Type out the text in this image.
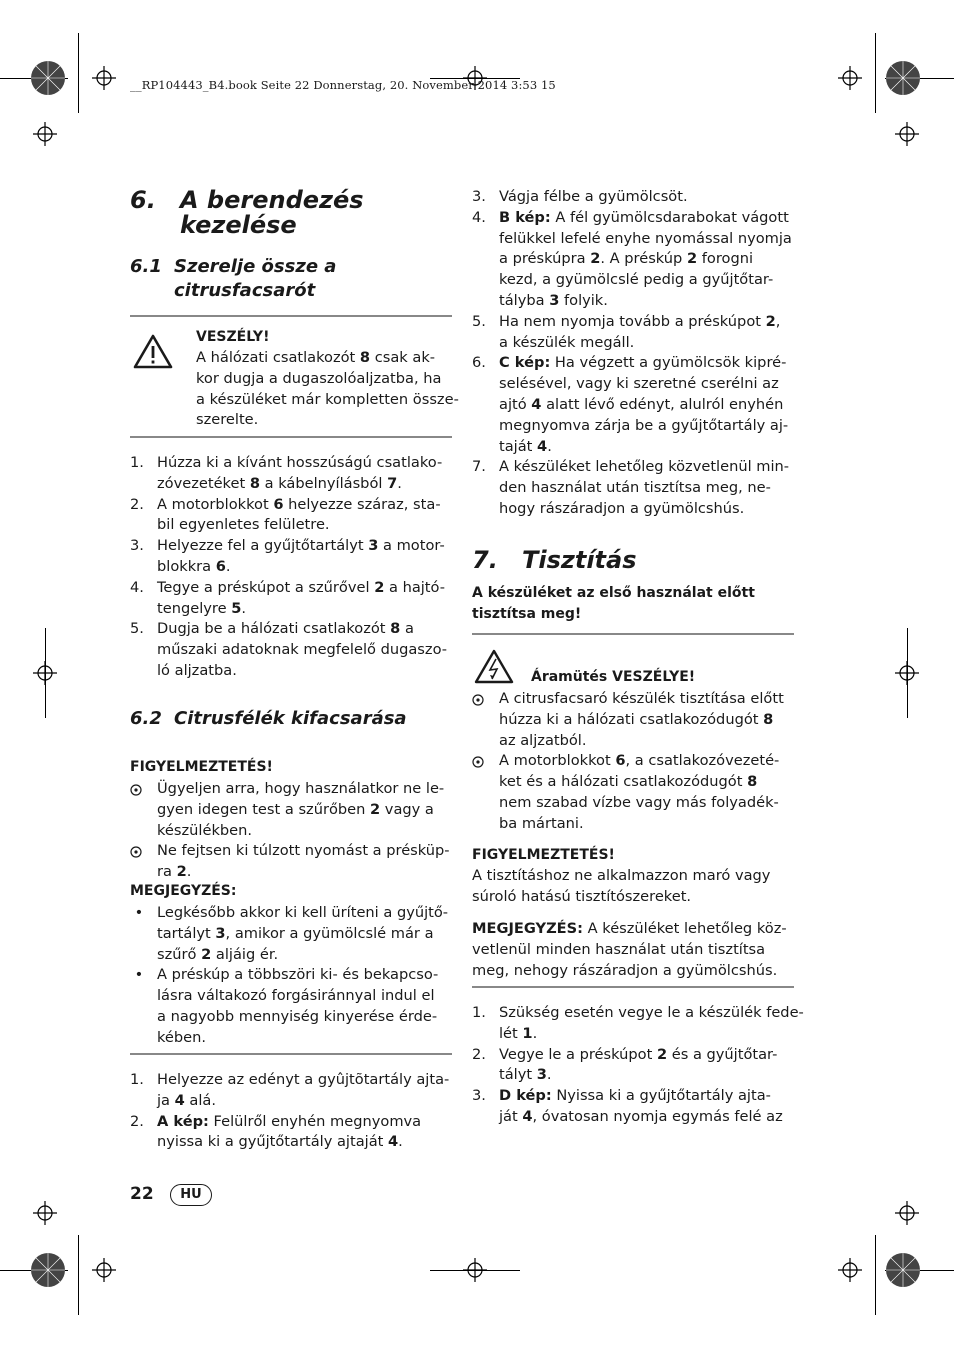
__RP104443_B4.book Seite 22 Donnerstag, 20. November 2014 3:53 15
6. A berendezés
kezelése
6.1 Szerelje össze a
citrusfacsarót
VESZÉLY!
A hálózati csatlakozót 8 csak ak-
kor dugja a dugaszolóaljzatba, ha
a készüléket már kompletten össze-
szerelte.
1. Húzza ki a kívánt hosszúságú csatlako-
zóvezetéket 8 a kábelnyílásból 7.
2. A motorblokkot 6 helyezze száraz, sta-
bil egyenletes felületre.
3. Helyezze fel a gyűjtőtartályt 3 a motor-
blokkra 6.
4. Tegye a préskúpot a szűrővel 2 a hajtó-
tengelyre 5.
5. Dugja be a hálózati csatlakozót 8 a
műszaki adatoknak megfelelő dugaszo-
ló aljzatba.
6.2 Citrusfélék kifacsarása
FIGYELMEZTETÉS!
Ügyeljen arra, hogy használatkor ne le-
gyen idegen test a szűrőben 2 vagy a
készülékben.
Ne fejtsen ki túlzott nyomást a présküp-
ra 2.
MEGJEGYZÉS:
• Legkésőbb akkor ki kell üríteni a gyűjtő-
tartályt 3, amikor a gyümölcslé már a
szűrő 2 aljáig ér.
• A préskúp a többszöri ki- és bekapcso-
lásra váltakozó forgásiránnyal indul el
a nagyobb mennyiség kinyerése érde-
kében.
1. Helyezze az edényt a gyûjtõtartály ajta-
ja 4 alá.
2. A kép: Felülről enyhén megnyomva
nyissa ki a gyűjtőtartály ajtaját 4.
3. Vágja félbe a gyümölcsöt.
4. B kép: A fél gyümölcsdarabokat vágott
felükkel lefelé enyhe nyomással nyomja
a préskúpra 2. A préskúp 2 forogni
kezd, a gyümölcslé pedig a gyűjtőtar-
tályba 3 folyik.
5. Ha nem nyomja tovább a préskúpot 2,
a készülék megáll.
6. C kép: Ha végzett a gyümölcsök kipré-
selésével, vagy ki szeretné cserélni az
ajtó 4 alatt lévő edényt, alulról enyhén
megnyomva zárja be a gyűjtőtartály aj-
taját 4.
7. A készüléket lehetőleg közvetlenül min-
den használat után tisztítsa meg, ne-
hogy rászáradjon a gyümölcshús.
7. Tisztítás
A készüléket az első használat előtt
tisztítsa meg!
Áramütés VESZÉLYE!
A citrusfacsaró készülék tisztítása előtt
húzza ki a hálózati csatlakozódugót 8
az aljzatból.
A motorblokkot 6, a csatlakozóvezeté-
ket és a hálózati csatlakozódugót 8
nem szabad vízbe vagy más folyadék-
ba mártani.
FIGYELMEZTETÉS!
A tisztításhoz ne alkalmazzon maró vagy
súroló hatású tisztítószereket.
MEGJEGYZÉS: A készüléket lehetőleg köz-
vetlenül minden használat után tisztítsa
meg, nehogy rászáradjon a gyümölcshús.
1. Szükség esetén vegye le a készülék fede-
lét 1.
2. Vegye le a préskúpot 2 és a gyűjtőtar-
tályt 3.
3. D kép: Nyissa ki a gyűjtőtartály ajta-
ját 4, óvatosan nyomja egymás felé az
22	HU
